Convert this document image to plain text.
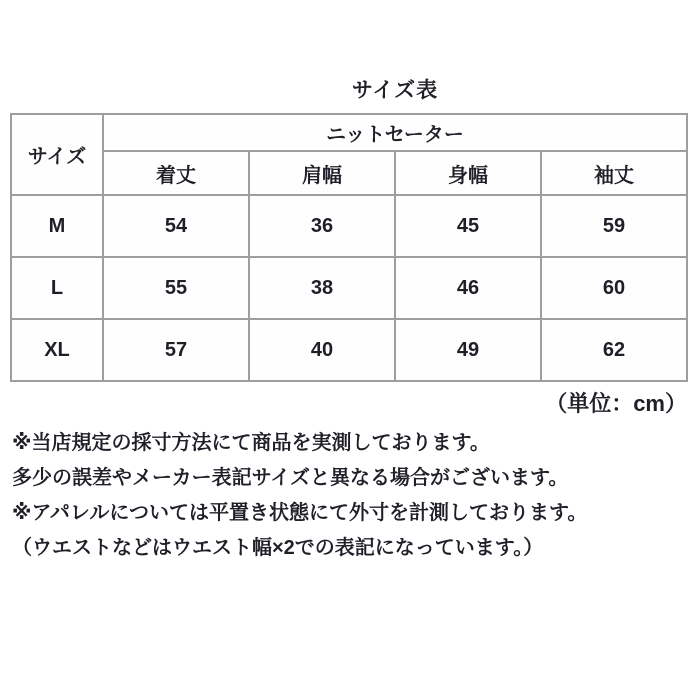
サイズ表
サイズ	ニットセーター			
	着丈	肩幅	身幅	袖丈
M	54	36	45	59
L	55	38	46	60
XL	57	40	49	62
（単位：cm）

※当店規定の採寸方法にて商品を実測しております。

多少の誤差やメーカー表記サイズと異なる場合がございます。

※アパレルについては平置き状態にて外寸を計測しております。

（ウエストなどはウエスト幅×2での表記になっています。）
